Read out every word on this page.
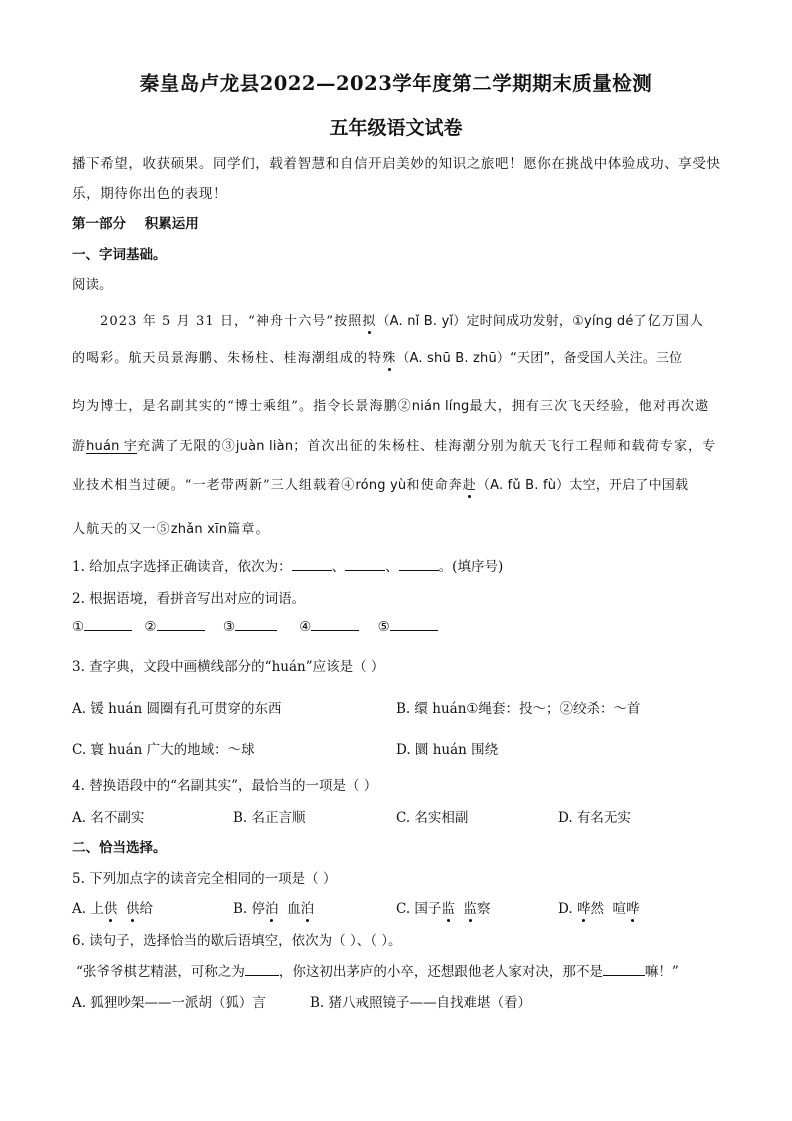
秦皇岛卢龙县2022—2023学年度第二学期期末质量检测
五年级语文试卷
播下希望，收获硕果。同学们，载着智慧和自信开启美妙的知识之旅吧！愿你在挑战中体验成功、享受快
乐，期待你出色的表现！
第一部分    积累运用
一、字词基础。
阅读。
2023 年 5 月 31 日，“神舟十六号”按照拟（A. nǐ B. yǐ）定时间成功发射，①yíng dé了亿万国人
的喝彩。航天员景海鹏、朱杨柱、桂海潮组成的特殊（A. shū B. zhū）“天团”，备受国人关注。三位
均为博士，是名副其实的“博士乘组”。指令长景海鹏②nián líng最大，拥有三次飞天经验，他对再次遨
游huán 宇充满了无限的③juàn liàn；首次出征的朱杨柱、桂海潮分别为航天飞行工程师和载荷专家，专
业技术相当过硬。“一老带两新”三人组载着④róng yù和使命奔赴（A. fǔ B. fù）太空，开启了中国载
人航天的又一⑤zhǎn xīn篇章。
1. 给加点字选择正确读音，依次为：	、	、	。(填序号)
2. 根据语境，看拼音写出对应的词语。
①	②	③	④	⑤
3. 查字典，文段中画横线部分的“huán”应该是（ ）
A. 锾 huán 圆圈有孔可贯穿的东西	B. 缳 huán①绳套：投～；②绞杀：～首
C. 寰 huán 广大的地域：～球	D. 圜 huán 围绕
4. 替换语段中的“名副其实”，最恰当的一项是（ ）
A. 名不副实	B. 名正言顺	C. 名实相副	D. 有名无实
二、恰当选择。
5. 下列加点字的读音完全相同的一项是（ ）
A. 上供 供给	B. 停泊  血泊	C. 国子监 监察	D. 哗然  喧哗
6. 读句子，选择恰当的歇后语填空，依次为（ ）、（ ）。
“张爷爷棋艺精湛，可称之为	，你这初出茅庐的小卒，还想跟他老人家对决，那不是	嘛！”
A. 狐狸吵架——一派胡（狐）言	B. 猪八戒照镜子——自找难堪（看）
